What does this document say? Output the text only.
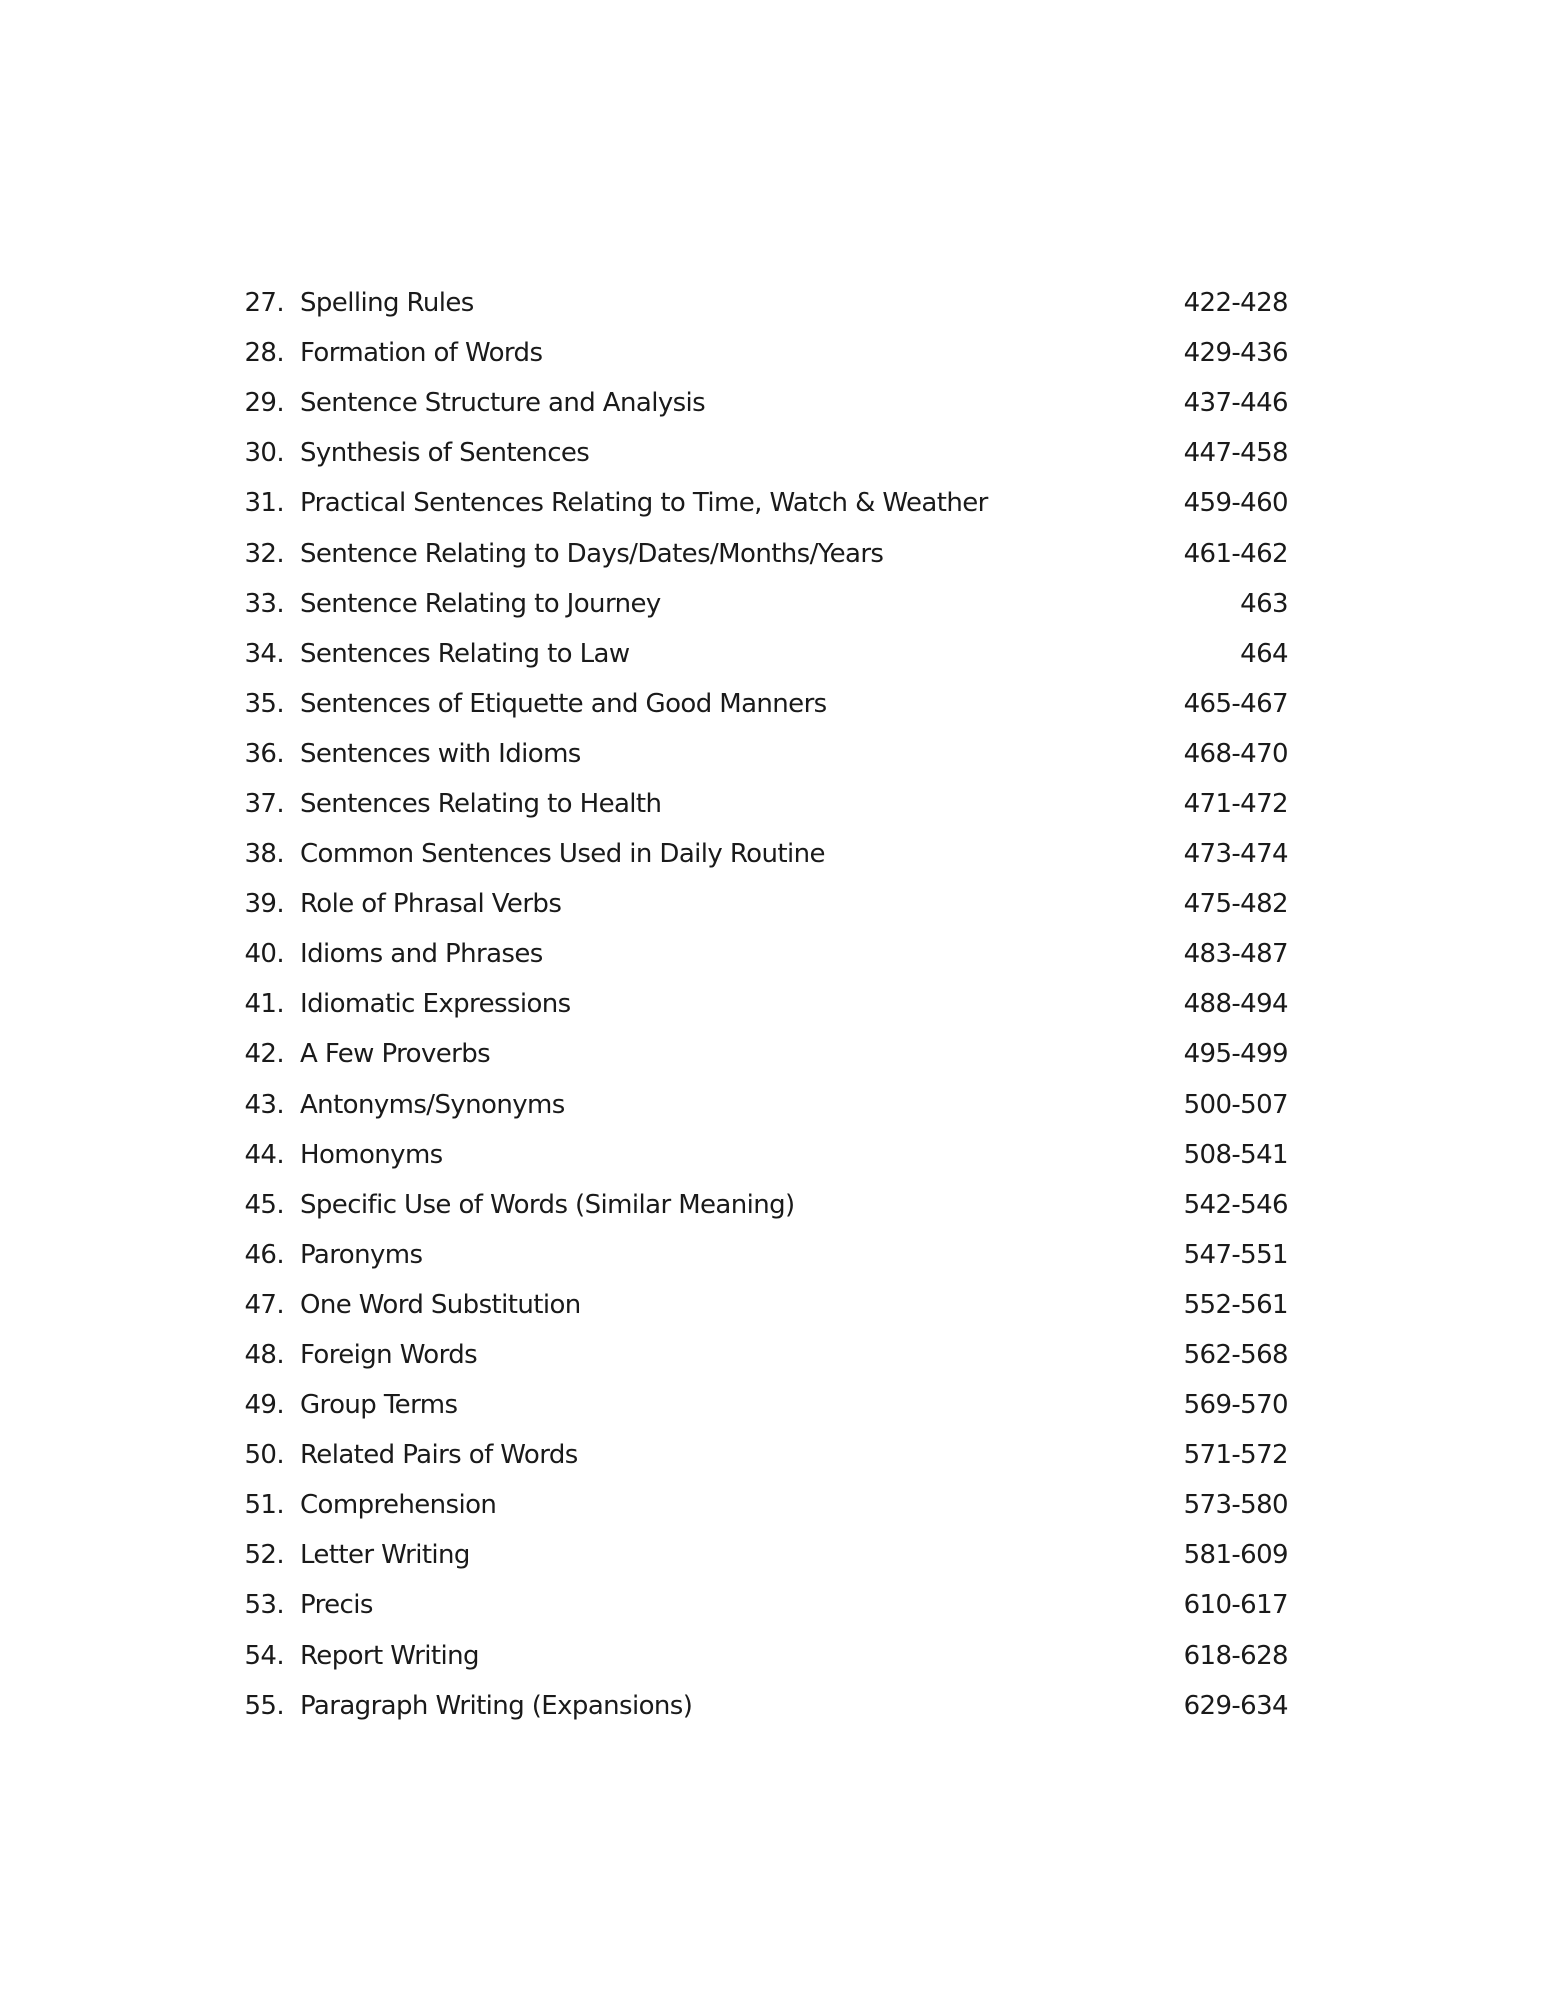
27. Spelling Rules	422-428
28. Formation of Words	429-436
29. Sentence Structure and Analysis	437-446
30. Synthesis of Sentences	447-458
31. Practical Sentences Relating to Time, Watch & Weather	459-460
32. Sentence Relating to Days/Dates/Months/Years	461-462
33. Sentence Relating to Journey	463
34. Sentences Relating to Law	464
35. Sentences of Etiquette and Good Manners	465-467
36. Sentences with Idioms	468-470
37. Sentences Relating to Health	471-472
38. Common Sentences Used in Daily Routine	473-474
39. Role of Phrasal Verbs	475-482
40. Idioms and Phrases	483-487
41. Idiomatic Expressions	488-494
42. A Few Proverbs	495-499
43. Antonyms/Synonyms	500-507
44. Homonyms	508-541
45. Specific Use of Words (Similar Meaning)	542-546
46. Paronyms	547-551
47. One Word Substitution	552-561
48. Foreign Words	562-568
49. Group Terms	569-570
50. Related Pairs of Words	571-572
51. Comprehension	573-580
52. Letter Writing	581-609
53. Precis	610-617
54. Report Writing	618-628
55. Paragraph Writing (Expansions)	629-634
